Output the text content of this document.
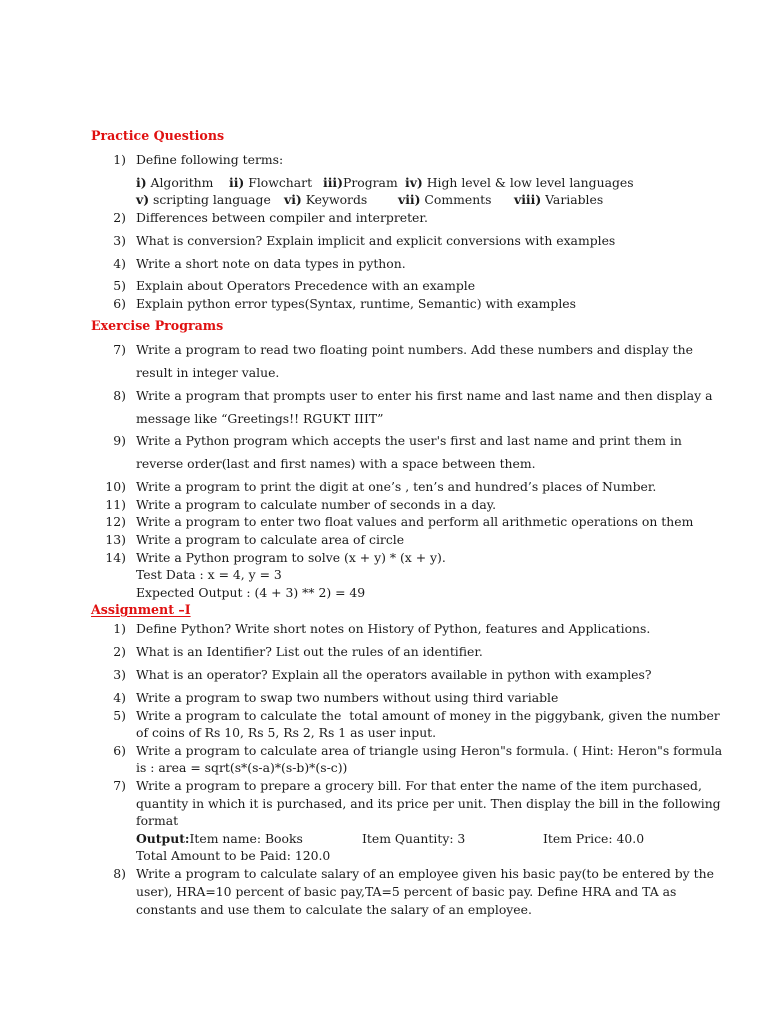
Practice Questions
1) Define following terms:
i) Algorithm ii) Flowchart iii)Program iv) High level & low level languages
v) scripting language vi) Keywords vii) Comments viii) Variables
2) Differences between compiler and interpreter.
3) What is conversion? Explain implicit and explicit conversions with examples
4) Write a short note on data types in python.
5) Explain about Operators Precedence with an example
6) Explain python error types(Syntax, runtime, Semantic) with examples
Exercise Programs
7) Write a program to read two floating point numbers. Add these numbers and display the
result in integer value.
8) Write a program that prompts user to enter his first name and last name and then display a
message like “Greetings!! RGUKT IIIT”
9) Write a Python program which accepts the user's first and last name and print them in
reverse order(last and first names) with a space between them.
10) Write a program to print the digit at one’s , ten’s and hundred’s places of Number.
11) Write a program to calculate number of seconds in a day.
12) Write a program to enter two float values and perform all arithmetic operations on them
13) Write a program to calculate area of circle
14) Write a Python program to solve (x + y) * (x + y).
Test Data : x = 4, y = 3
Expected Output : (4 + 3) ** 2) = 49
Assignment –I
1) Define Python? Write short notes on History of Python, features and Applications.
2) What is an Identifier? List out the rules of an identifier.
3) What is an operator? Explain all the operators available in python with examples?
4) Write a program to swap two numbers without using third variable
5) Write a program to calculate the  total amount of money in the piggybank, given the number
of coins of Rs 10, Rs 5, Rs 2, Rs 1 as user input.
6) Write a program to calculate area of triangle using Heron"s formula. ( Hint: Heron"s formula
is : area = sqrt(s*(s-a)*(s-b)*(s-c))
7) Write a program to prepare a grocery bill. For that enter the name of the item purchased,
quantity in which it is purchased, and its price per unit. Then display the bill in the following
format
Output:Item name: Books	Item Quantity: 3	Item Price: 40.0
Total Amount to be Paid: 120.0
8) Write a program to calculate salary of an employee given his basic pay(to be entered by the
user), HRA=10 percent of basic pay,TA=5 percent of basic pay. Define HRA and TA as
constants and use them to calculate the salary of an employee.
